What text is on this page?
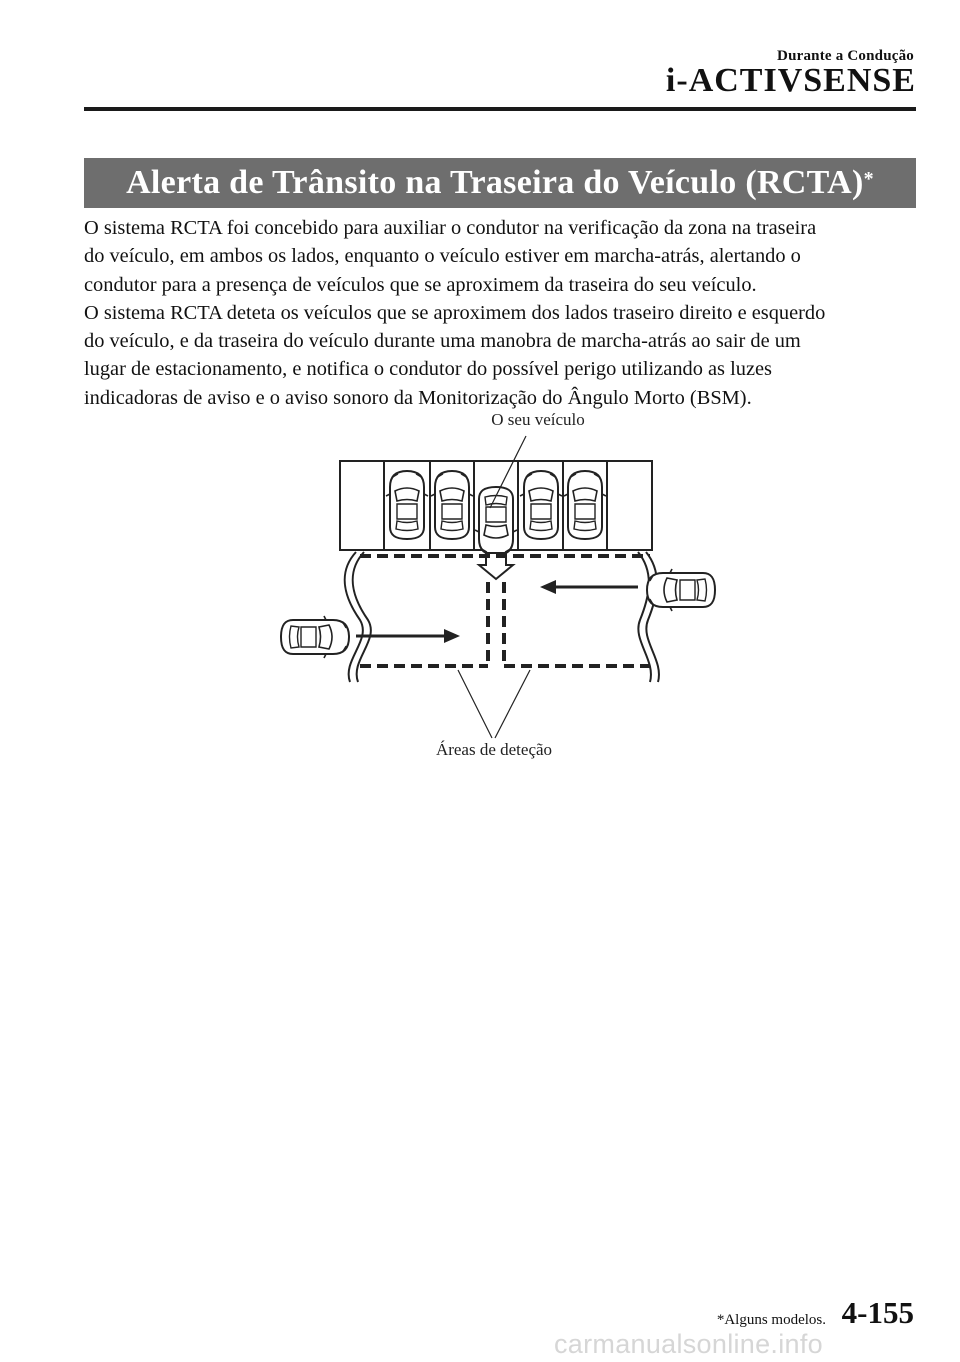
Durante a Condução
i-ACTIVSENSE
Alerta de Trânsito na Traseira do Veículo (RCTA)*

O sistema RCTA foi concebido para auxiliar o condutor na verificação da zona na traseira

do veículo, em ambos os lados, enquanto o veículo estiver em marcha-atrás, alertando o

condutor para a presença de veículos que se aproximem da traseira do seu veículo.

O sistema RCTA deteta os veículos que se aproximem dos lados traseiro direito e esquerdo

do veículo, e da traseira do veículo durante uma manobra de marcha-atrás ao sair de um

lugar de estacionamento, e notifica o condutor do possível perigo utilizando as luzes

indicadoras de aviso e o aviso sonoro da Monitorização do Ângulo Morto (BSM).

O seu veículo
Áreas de deteção
*Alguns modelos. 4-155
carmanualsonline.info
